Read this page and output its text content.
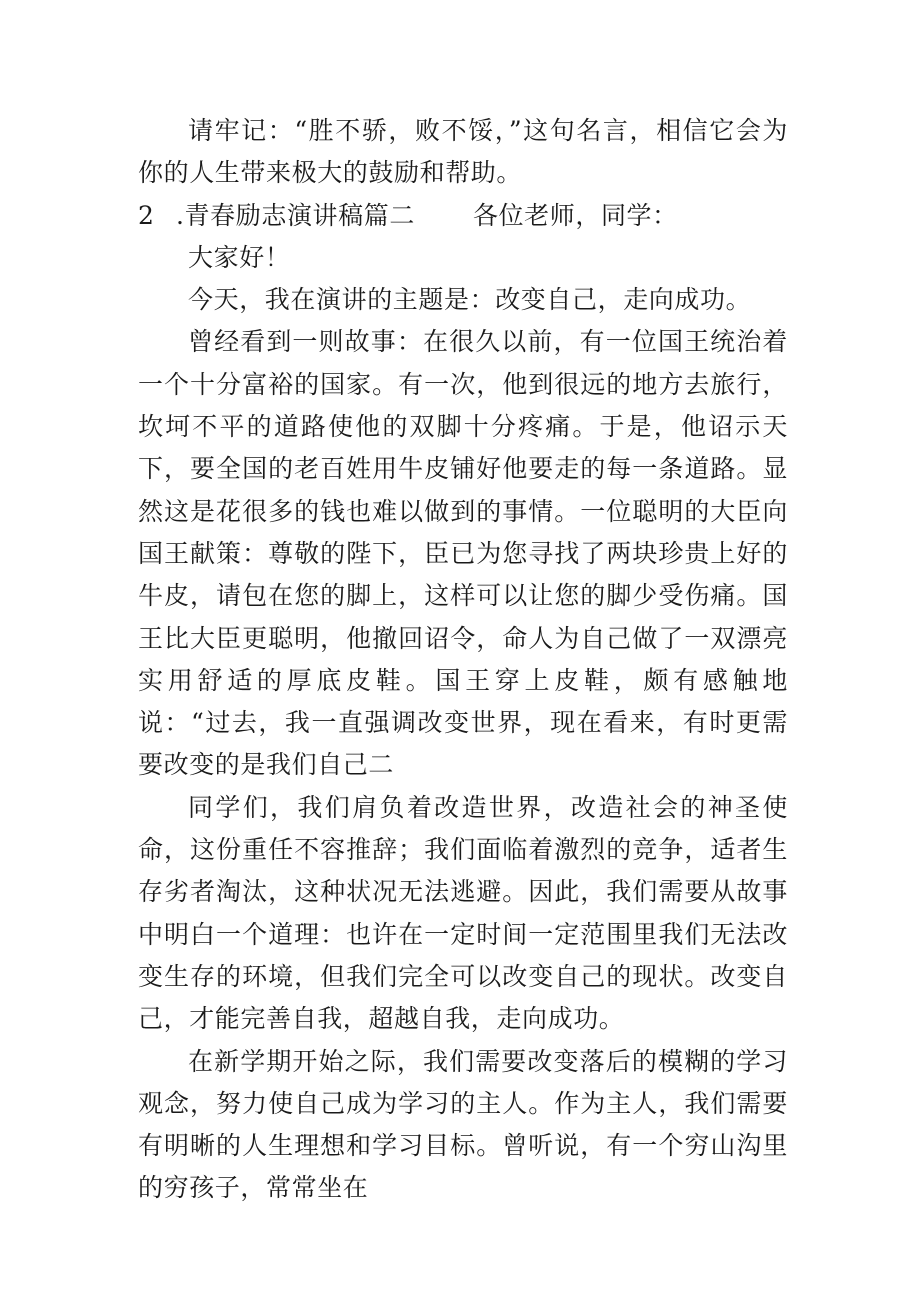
请牢记：“胜不骄，败不馁，”这句名言，相信它会为你的人生带来极大的鼓励和帮助。

2 .青春励志演讲稿篇二 各位老师，同学：

大家好！

今天，我在演讲的主题是：改变自己，走向成功。

曾经看到一则故事：在很久以前，有一位国王统治着一个十分富裕的国家。有一次，他到很远的地方去旅行，坎坷不平的道路使他的双脚十分疼痛。于是，他诏示天下，要全国的老百姓用牛皮铺好他要走的每一条道路。显然这是花很多的钱也难以做到的事情。一位聪明的大臣向国王献策：尊敬的陛下，臣已为您寻找了两块珍贵上好的牛皮，请包在您的脚上，这样可以让您的脚少受伤痛。国王比大臣更聪明，他撤回诏令，命人为自己做了一双漂亮实用舒适的厚底皮鞋。国王穿上皮鞋，颇有感触地说：“过去，我一直强调改变世界，现在看来，有时更需要改变的是我们自己二

同学们，我们肩负着改造世界，改造社会的神圣使命，这份重任不容推辞；我们面临着激烈的竞争，适者生存劣者淘汰，这种状况无法逃避。因此，我们需要从故事中明白一个道理：也许在一定时间一定范围里我们无法改变生存的环境，但我们完全可以改变自己的现状。改变自己，才能完善自我，超越自我，走向成功。

在新学期开始之际，我们需要改变落后的模糊的学习观念，努力使自己成为学习的主人。作为主人，我们需要有明晰的人生理想和学习目标。曾听说，有一个穷山沟里的穷孩子，常常坐在
